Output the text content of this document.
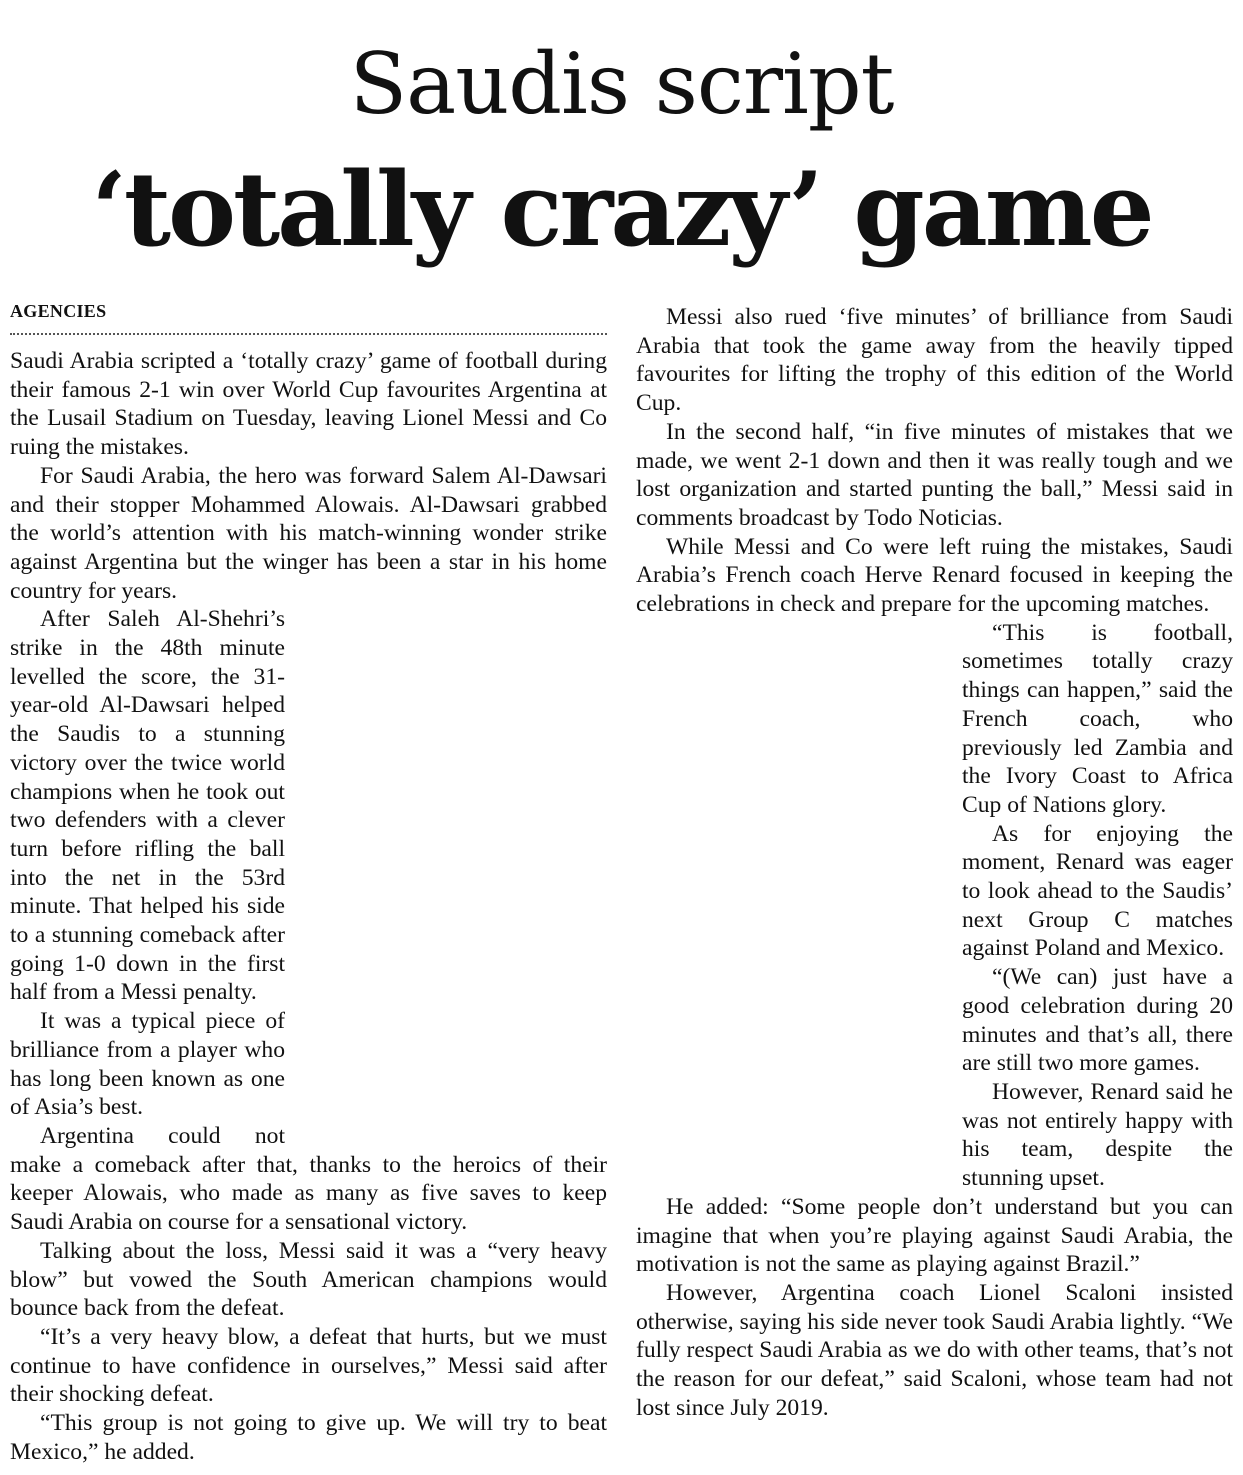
Saudis script
‘totally crazy’ game
AGENCIES

Saudi Arabia scripted a ‘totally crazy’ game of football during their famous 2-1 win over World Cup favourites Argentina at the Lusail Stadium on Tuesday, leaving Lionel Messi and Co ruing the mistakes.

For Saudi Arabia, the hero was forward Salem Al-Dawsari and their stopper Mohammed Alowais. Al-Dawsari grabbed the world’s attention with his match-winning wonder strike against Argentina but the winger has been a star in his home country for years.

After Saleh Al-Shehri’s strike in the 48th minute levelled the score, the 31-year-old Al-Dawsari helped the Saudis to a stunning victory over the twice world champions when he took out two defenders with a clever turn before rifling the ball into the net in the 53rd minute. That helped his side to a stunning comeback after going 1-0 down in the first half from a Messi penalty.

It was a typical piece of brilliance from a player who has long been known as one of Asia’s best.

Argentina could not make a comeback after that, thanks to the heroics of their keeper Alowais, who made as many as five saves to keep Saudi Arabia on course for a sensational victory.

Talking about the loss, Messi said it was a “very heavy blow” but vowed the South American champions would bounce back from the defeat.

“It’s a very heavy blow, a defeat that hurts, but we must continue to have confidence in ourselves,” Messi said after their shocking defeat.

“This group is not going to give up. We will try to beat Mexico,” he added.

Messi also rued ‘five minutes’ of brilliance from Saudi Arabia that took the game away from the heavily tipped favourites for lifting the trophy of this edition of the World Cup.

In the second half, “in five minutes of mistakes that we made, we went 2-1 down and then it was really tough and we lost organization and started punting the ball,” Messi said in comments broadcast by Todo Noticias.

While Messi and Co were left ruing the mistakes, Saudi Arabia’s French coach Herve Renard focused in keeping the celebrations in check and prepare for the upcoming matches.

“This is football, sometimes totally crazy things can happen,” said the French coach, who previously led Zambia and the Ivory Coast to Africa Cup of Nations glory.

As for enjoying the moment, Renard was eager to look ahead to the Saudis’ next Group C matches against Poland and Mexico.

“(We can) just have a good celebration during 20 minutes and that’s all, there are still two more games.

However, Renard said he was not entirely happy with his team, despite the stunning upset.

He added: “Some people don’t understand but you can imagine that when you’re playing against Saudi Arabia, the motivation is not the same as playing against Brazil.”

However, Argentina coach Lionel Scaloni insisted otherwise, saying his side never took Saudi Arabia lightly. “We fully respect Saudi Arabia as we do with other teams, that’s not the reason for our defeat,” said Scaloni, whose team had not lost since July 2019.
